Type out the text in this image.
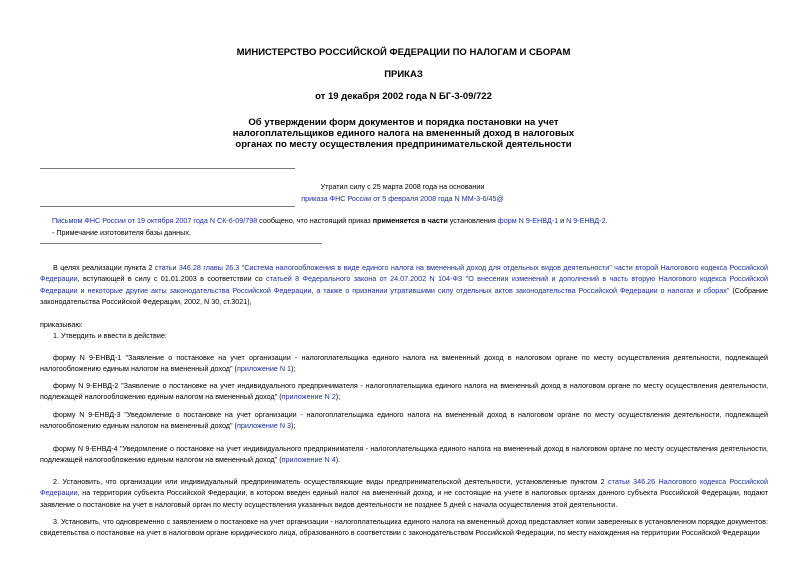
МИНИСТЕРСТВО РОССИЙСКОЙ ФЕДЕРАЦИИ ПО НАЛОГАМ И СБОРАМ
ПРИКАЗ
от 19 декабря 2002 года N БГ-3-09/722
Об утверждении форм документов и порядка постановки на учет
налогоплательщиков единого налога на вмененный доход в налоговых
органах по месту осуществления предпринимательской деятельности
Утратил силу с 25 марта 2008 года на основании
приказа ФНС России от 5 февраля 2008 года N ММ-3-6/45@
Письмом ФНС России от 19 октября 2007 года N СК-6-09/798 сообщено, что настоящий приказ применяется в части установления форм N 9-ЕНВД-1 и N 9-ЕНВД-2.
- Примечание изготовителя базы данных.
В целях реализации пункта 2 статьи 346.28 главы 26.3 "Система налогообложения в виде единого налога на вмененный доход для отдельных видов деятельности" части второй Налогового кодекса Российской Федерации, вступающей в силу с 01.01.2003 в соответствии со статьей 8 Федерального закона от 24.07.2002 N 104-ФЗ "О внесении изменений и дополнений в часть вторую Налогового кодекса Российской Федерации и некоторые другие акты законодательства Российской Федерации, а также о признании утратившими силу отдельных актов законодательства Российской Федерации о налогах и сборах" (Собрание законодательства Российской Федерации, 2002, N 30, ст.3021),
приказываю:
1. Утвердить и ввести в действие:
форму N 9-ЕНВД-1 "Заявление о постановке на учет организации - налогоплательщика единого налога на вмененный доход в налоговом органе по месту осуществления деятельности, подлежащей налогообложению единым налогом на вмененный доход" (приложение N 1);
форму N 9-ЕНВД-2 "Заявление о постановке на учет индивидуального предпринимателя - налогоплательщика единого налога на вмененный доход в налоговом органе по месту осуществления деятельности, подлежащей налогообложению единым налогом на вмененный доход" (приложение N 2);
форму N 9-ЕНВД-3 "Уведомление о постановке на учет организации - налогоплательщика единого налога на вмененный доход в налоговом органе по месту осуществления деятельности, подлежащей налогообложению единым налогом на вмененный доход" (приложение N 3);
форму N 9-ЕНВД-4 "Уведомление о постановке на учет индивидуального предпринимателя - налогоплательщика единого налога на вмененный доход в налоговом органе по месту осуществления деятельности, подлежащей налогообложению единым налогом на вмененный доход" (приложение N 4).
2. Установить, что организации или индивидуальный предприниматель осуществляющие виды предпринимательской деятельности, установленные пунктом 2 статьи 346.26 Налогового кодекса Российской Федерации, на территории субъекта Российской Федерации, в котором введен единый налог на вмененный доход, и не состоящие на учете в налоговых органах данного субъекта Российской Федерации, подают заявление о постановке на учет в налоговый орган по месту осуществления указанных видов деятельности не позднее 5 дней с начала осуществления этой деятельности.
3. Установить, что одновременно с заявлением о постановке на учет организации - налогоплательщика единого налога на вмененный доход представляет копии заверенных в установленном порядке документов: свидетельства о постановке на учет в налоговом органе юридического лица, образованного в соответствии с законодательством Российской Федерации, по месту нахождения на территории Российской Федерации
